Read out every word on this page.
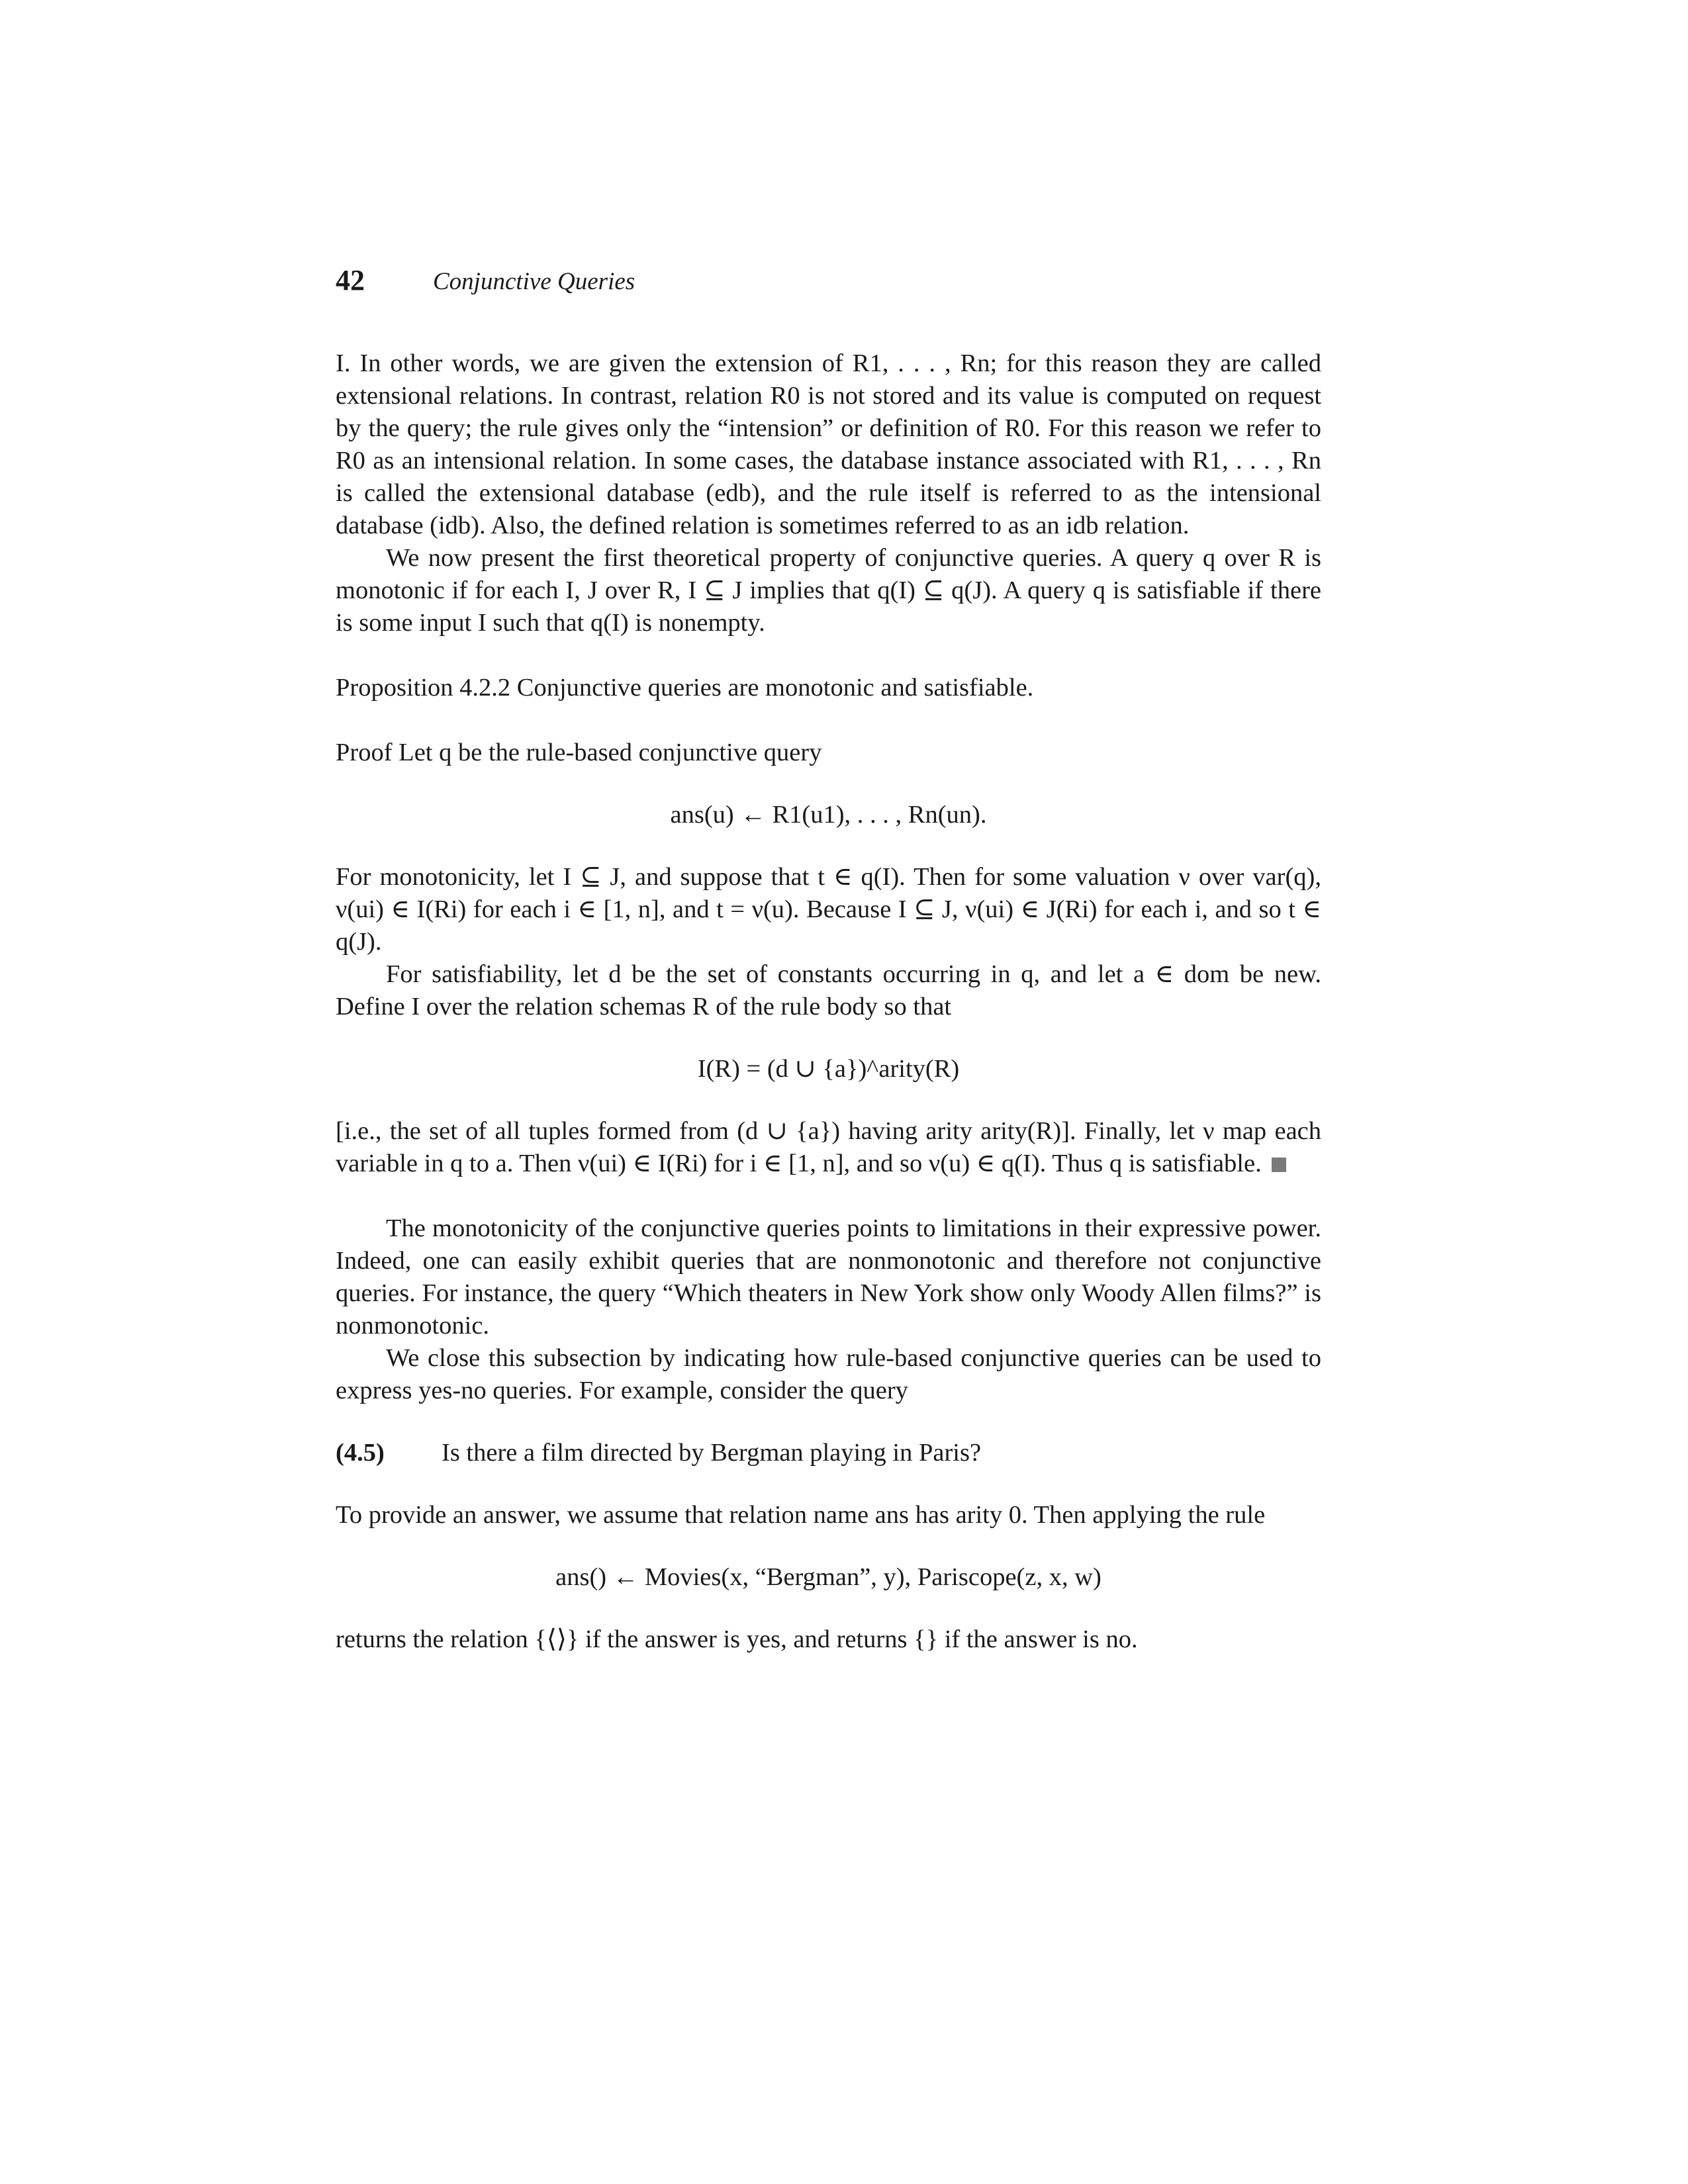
42	Conjunctive Queries

I. In other words, we are given the extension of R1, . . . , Rn; for this reason they are called extensional relations. In contrast, relation R0 is not stored and its value is computed on request by the query; the rule gives only the “intension” or definition of R0. For this reason we refer to R0 as an intensional relation. In some cases, the database instance associated with R1, . . . , Rn is called the extensional database (edb), and the rule itself is referred to as the intensional database (idb). Also, the defined relation is sometimes referred to as an idb relation.

We now present the first theoretical property of conjunctive queries. A query q over R is monotonic if for each I, J over R, I ⊆ J implies that q(I) ⊆ q(J). A query q is satisfiable if there is some input I such that q(I) is nonempty.

Proposition 4.2.2 Conjunctive queries are monotonic and satisfiable.

Proof Let q be the rule-based conjunctive query

ans(u) ← R1(u1), . . . , Rn(un).

For monotonicity, let I ⊆ J, and suppose that t ∈ q(I). Then for some valuation ν over var(q), ν(ui) ∈ I(Ri) for each i ∈ [1, n], and t = ν(u). Because I ⊆ J, ν(ui) ∈ J(Ri) for each i, and so t ∈ q(J).

For satisfiability, let d be the set of constants occurring in q, and let a ∈ dom be new. Define I over the relation schemas R of the rule body so that

I(R) = (d ∪ {a})^arity(R)

[i.e., the set of all tuples formed from (d ∪ {a}) having arity arity(R)]. Finally, let ν map each variable in q to a. Then ν(ui) ∈ I(Ri) for i ∈ [1, n], and so ν(u) ∈ q(I). Thus q is satisfiable.

The monotonicity of the conjunctive queries points to limitations in their expressive power. Indeed, one can easily exhibit queries that are nonmonotonic and therefore not conjunctive queries. For instance, the query “Which theaters in New York show only Woody Allen films?” is nonmonotonic.

We close this subsection by indicating how rule-based conjunctive queries can be used to express yes-no queries. For example, consider the query

(4.5)	Is there a film directed by Bergman playing in Paris?

To provide an answer, we assume that relation name ans has arity 0. Then applying the rule

ans() ← Movies(x, “Bergman”, y), Pariscope(z, x, w)

returns the relation {⟨⟩} if the answer is yes, and returns {} if the answer is no.
